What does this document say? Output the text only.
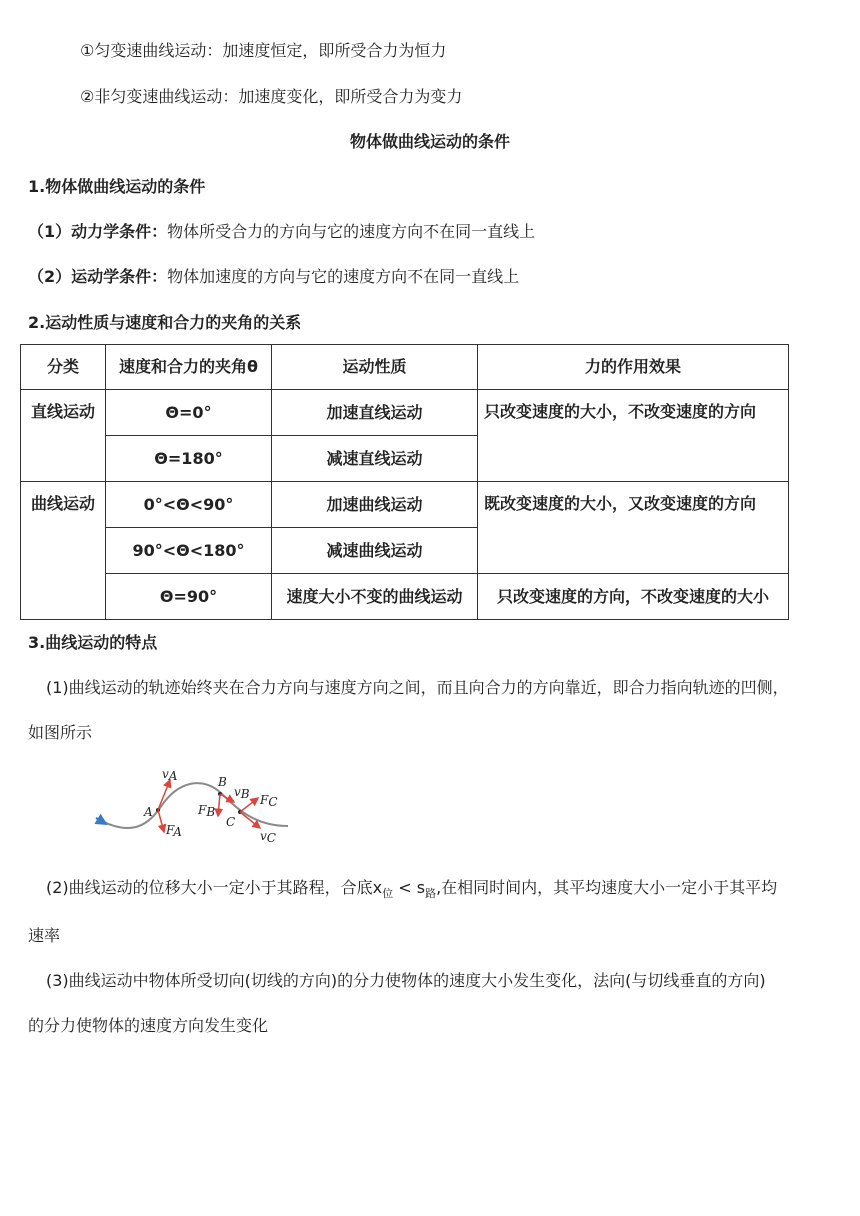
①匀变速曲线运动：加速度恒定，即所受合力为恒力
②非匀变速曲线运动：加速度变化，即所受合力为变力
物体做曲线运动的条件
1.物体做曲线运动的条件
（1）动力学条件：物体所受合力的方向与它的速度方向不在同一直线上
（2）运动学条件：物体加速度的方向与它的速度方向不在同一直线上
2.运动性质与速度和合力的夹角的关系
分类	速度和合力的夹角θ	运动性质	力的作用效果
直线运动	Θ=0°	加速直线运动	只改变速度的大小，不改变速度的方向
	Θ=180°	减速直线运动	
曲线运动	0°<Θ<90°	加速曲线运动	既改变速度的大小，又改变速度的方向
	90°<Θ<180°	减速曲线运动	
	Θ=90°	速度大小不变的曲线运动	只改变速度的方向，不改变速度的大小
3.曲线运动的特点
(1)曲线运动的轨迹始终夹在合力方向与速度方向之间，而且向合力的方向靠近，即合力指向轨迹的凹侧，
如图所示
A
B
C
vA
FA
vB
FB
FC
vC
(2)曲线运动的位移大小一定小于其路程，合底$x_位 < s_路$,在相同时间内，其平均速度大小一定小于其平均
速率
(3)曲线运动中物体所受切向(切线的方向)的分力使物体的速度大小发生变化，法向(与切线垂直的方向)
的分力使物体的速度方向发生变化
